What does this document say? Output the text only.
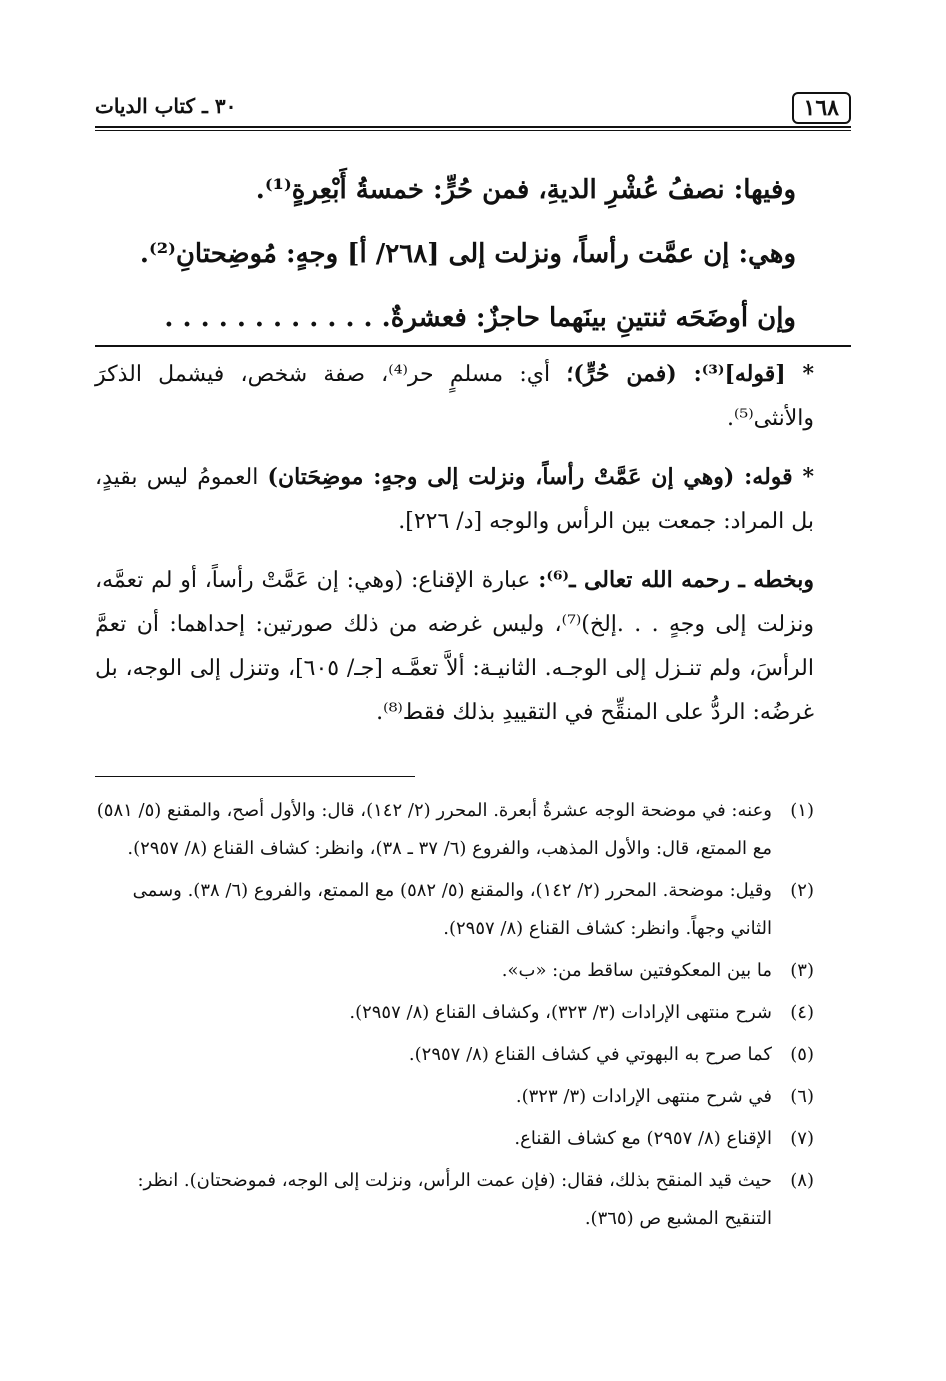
١٦٨
٣٠ ـ كتاب الديات
وفيها: نصفُ عُشْرِ الديةِ، فمن حُرٍّ: خمسةُ أَبْعِرةٍ⁽¹⁾.
وهي: إن عمَّت رأساً، ونزلت إلى [٢٦٨/ أ] وجهٍ: مُوضِحتانِ⁽²⁾.
وإن أوضَحَه ثنتينِ بينَهما حاجزٌ: فعشرةٌ. . . . . . . . . . . . .

* [قوله]⁽³⁾: (فمن حُرٍّ)؛ أي: مسلمٍ حر⁽⁴⁾، صفة شخص، فيشمل الذكرَ والأنثى⁽⁵⁾.

* قوله: (وهي إن عَمَّتْ رأساً، ونزلت إلى وجهٍ: موضِحَتان) العمومُ ليس بقيدٍ، بل المراد: جمعت بين الرأس والوجه [د/ ٢٢٦].

وبخطه ـ رحمه الله تعالى ـ⁽⁶⁾: عبارة الإقناع: (وهي: إن عَمَّتْ رأساً، أو لم تعمَّه، ونزلت إلى وجهٍ . . .إلخ)⁽⁷⁾، وليس غرضه من ذلك صورتين: إحداهما: أن تعمَّ الرأسَ، ولم تنـزل إلى الوجـه. الثانيـة: ألاَّ تعمَّـه [جـ/ ٦٠٥]، وتنزل إلى الوجه، بل غرضُه: الردُّ على المنقِّح في التقييدِ بذلك فقط⁽⁸⁾.

(١)
وعنه: في موضحة الوجه عشرةُ أبعرة. المحرر (٢/ ١٤٢)، قال: والأول أصح، والمقنع (٥/ ٥٨١) مع الممتع، قال: والأول المذهب، والفروع (٦/ ٣٧ ـ ٣٨)، وانظر: كشاف القناع (٨/ ٢٩٥٧).
(٢)
وقيل: موضحة. المحرر (٢/ ١٤٢)، والمقنع (٥/ ٥٨٢) مع الممتع، والفروع (٦/ ٣٨). وسمى الثاني وجهاً. وانظر: كشاف القناع (٨/ ٢٩٥٧).
(٣)
ما بين المعكوفتين ساقط من: «ب».
(٤)
شرح منتهى الإرادات (٣/ ٣٢٣)، وكشاف القناع (٨/ ٢٩٥٧).
(٥)
كما صرح به البهوتي في كشاف القناع (٨/ ٢٩٥٧).
(٦)
في شرح منتهى الإرادات (٣/ ٣٢٣).
(٧)
الإقناع (٨/ ٢٩٥٧) مع كشاف القناع.
(٨)
حيث قيد المنقح بذلك، فقال: (فإن عمت الرأس، ونزلت إلى الوجه، فموضحتان). انظر: التنقيح المشبع ص (٣٦٥).
